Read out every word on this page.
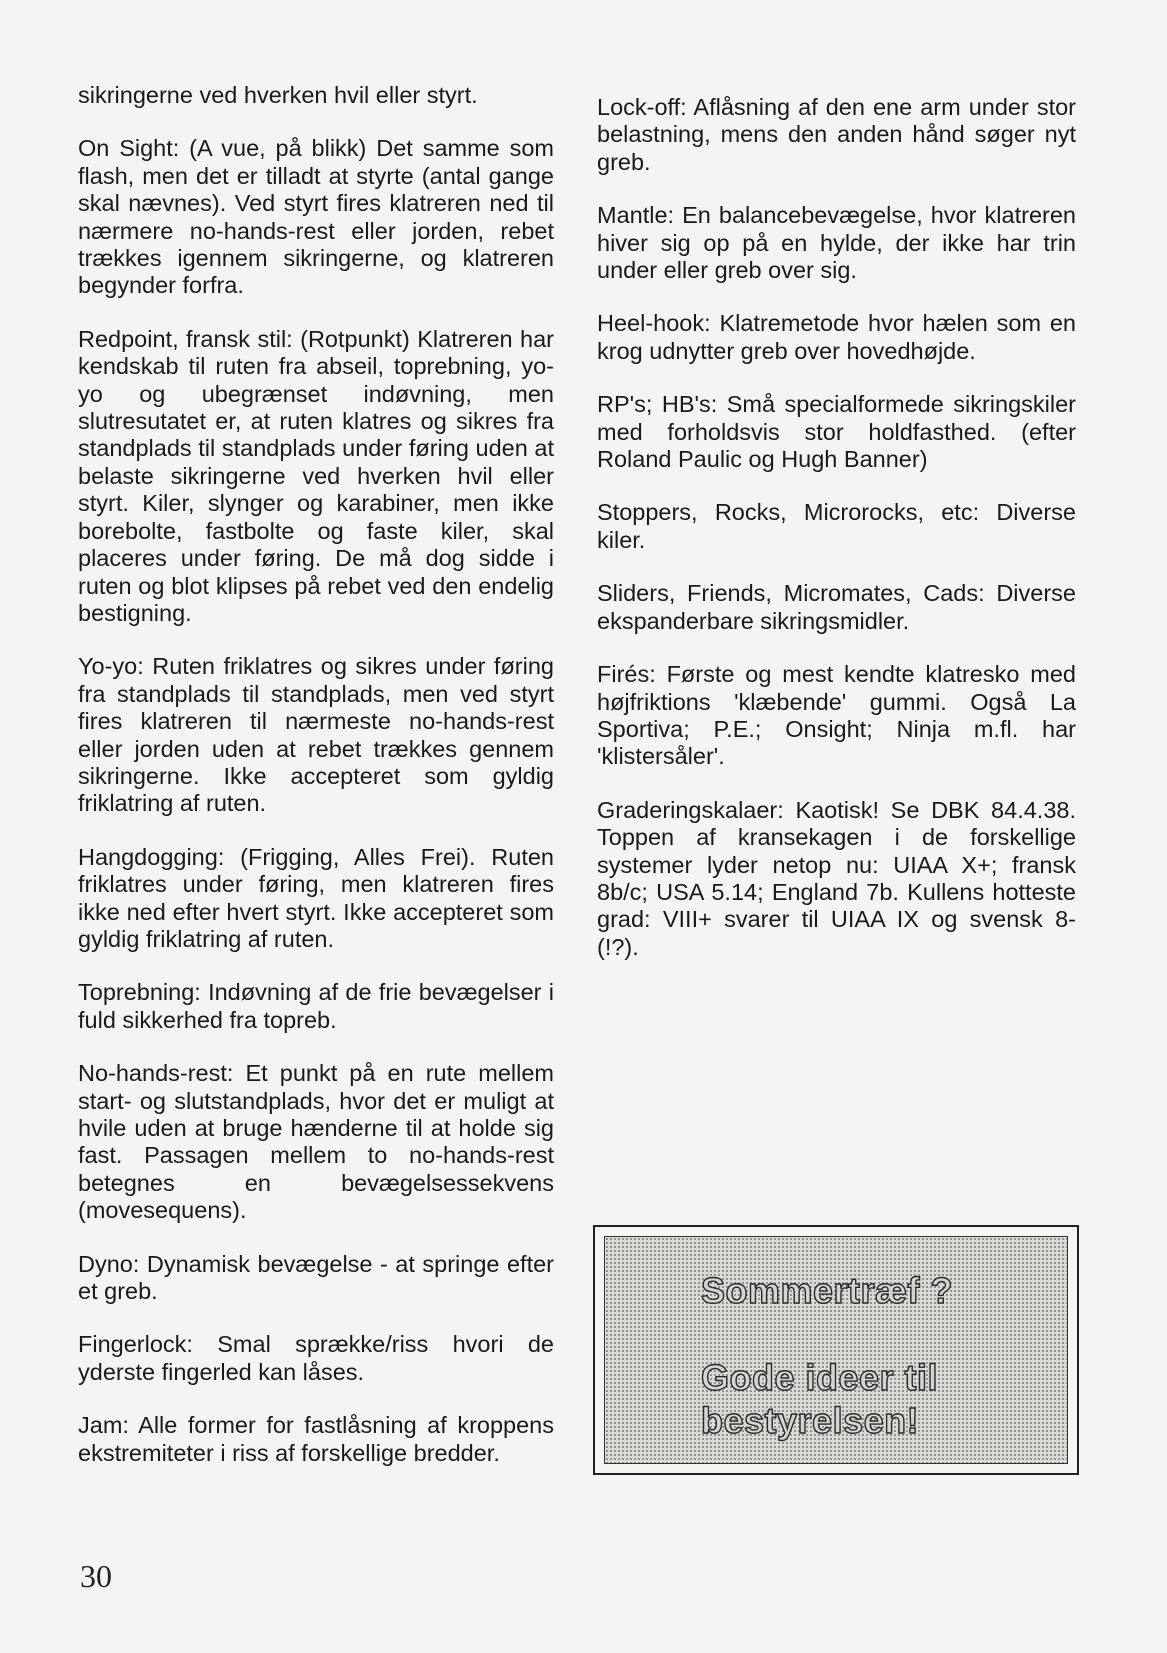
sikringerne ved hverken hvil eller styrt.

On Sight: (A vue, på blikk) Det samme som flash, men det er tilladt at styrte (antal gange skal nævnes). Ved styrt fires klatreren ned til nærmere no-hands-rest eller jorden, rebet trækkes igennem sikringerne, og klatreren begynder forfra.

Redpoint, fransk stil: (Rotpunkt) Klatreren har kendskab til ruten fra abseil, toprebning, yo-yo og ubegrænset indøvning, men slutresutatet er, at ruten klatres og sikres fra standplads til standplads under føring uden at belaste sikringerne ved hverken hvil eller styrt. Kiler, slynger og karabiner, men ikke borebolte, fastbolte og faste kiler, skal placeres under føring. De må dog sidde i ruten og blot klipses på rebet ved den endelig bestigning.

Yo-yo: Ruten friklatres og sikres under føring fra standplads til standplads, men ved styrt fires klatreren til nærmeste no-hands-rest eller jorden uden at rebet trækkes gennem sikringerne. Ikke accepteret som gyldig friklatring af ruten.

Hangdogging: (Frigging, Alles Frei). Ruten friklatres under føring, men klatreren fires ikke ned efter hvert styrt. Ikke accepteret som gyldig friklatring af ruten.

Toprebning: Indøvning af de frie bevægelser i fuld sikkerhed fra topreb.

No-hands-rest: Et punkt på en rute mellem start- og slutstandplads, hvor det er muligt at hvile uden at bruge hænderne til at holde sig fast. Passagen mellem to no-hands-rest betegnes en bevægelsessekvens (movesequens).

Dyno: Dynamisk bevægelse - at springe efter et greb.

Fingerlock: Smal sprække/riss hvori de yderste fingerled kan låses.

Jam: Alle former for fastlåsning af kroppens ekstremiteter i riss af forskellige bredder.

Lock-off: Aflåsning af den ene arm under stor belastning, mens den anden hånd søger nyt greb.

Mantle: En balancebevægelse, hvor klatreren hiver sig op på en hylde, der ikke har trin under eller greb over sig.

Heel-hook: Klatremetode hvor hælen som en krog udnytter greb over hovedhøjde.

RP's; HB's: Små specialformede sikringskiler med forholdsvis stor holdfasthed. (efter Roland Paulic og Hugh Banner)

Stoppers, Rocks, Microrocks, etc: Diverse kiler.

Sliders, Friends, Micromates, Cads: Diverse ekspanderbare sikringsmidler.

Firés: Første og mest kendte klatresko med højfriktions 'klæbende' gummi. Også La Sportiva; P.E.; Onsight; Ninja m.fl. har 'klistersåler'.

Graderingskalaer: Kaotisk! Se DBK 84.4.38. Toppen af kransekagen i de forskellige systemer lyder netop nu: UIAA X+; fransk 8b/c; USA 5.14; England 7b. Kullens hotteste grad: VIII+ svarer til UIAA IX og svensk 8- (!?).

Sommertræf ?
Gode ideer til
bestyrelsen!
30
